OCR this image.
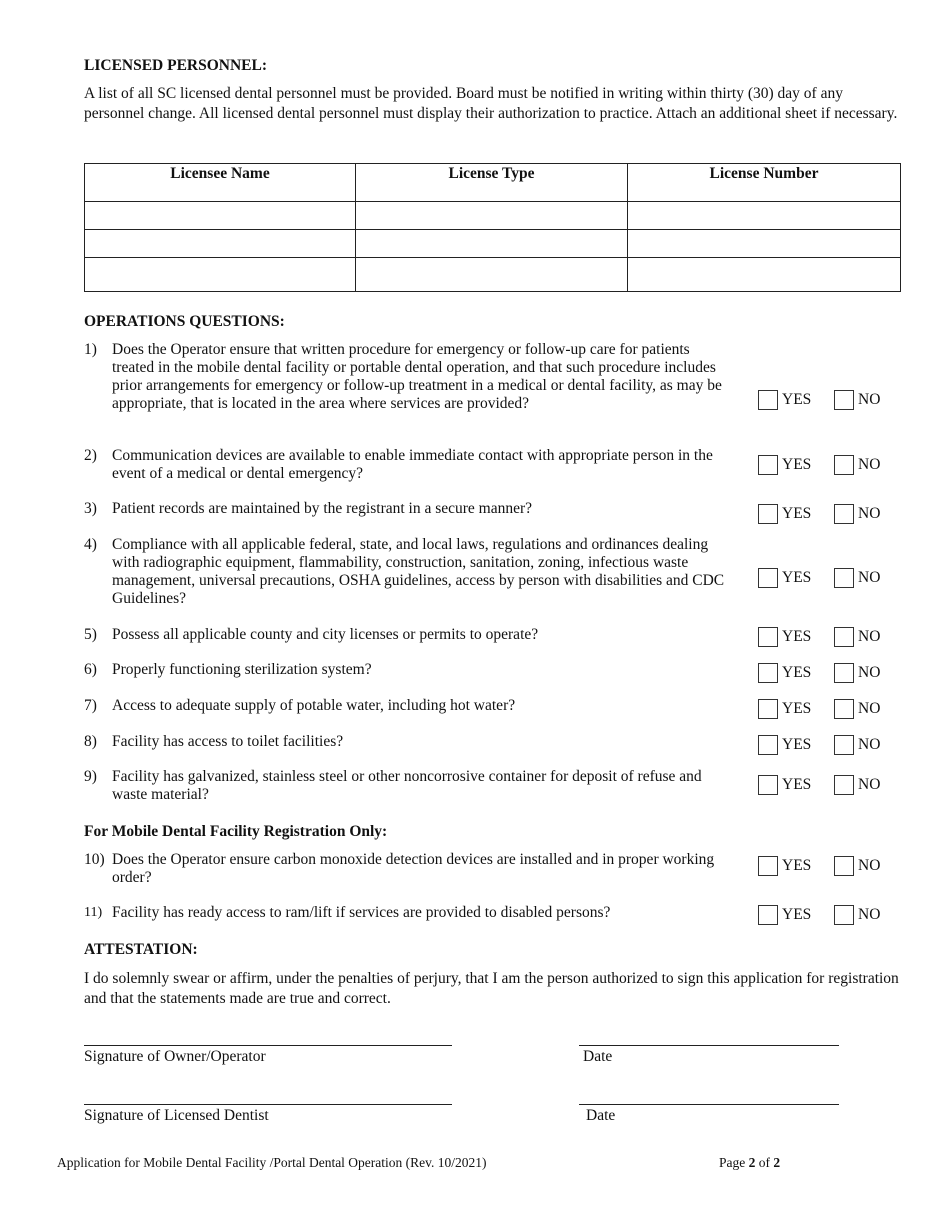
LICENSED PERSONNEL:
A list of all SC licensed dental personnel must be provided. Board must be notified in writing within thirty (30) day of any personnel change. All licensed dental personnel must display their authorization to practice. Attach an additional sheet if necessary.
Licensee Name	License Type	License Number

OPERATIONS QUESTIONS:
1) Does the Operator ensure that written procedure for emergency or follow-up care for patients treated in the mobile dental facility or portable dental operation, and that such procedure includes prior arrangements for emergency or follow-up treatment in a medical or dental facility, as may be appropriate, that is located in the area where services are provided?	YES	NO
2) Communication devices are available to enable immediate contact with appropriate person in the event of a medical or dental emergency?
YES	NO
3) Patient records are maintained by the registrant in a secure manner?	YES	NO
4) Compliance with all applicable federal, state, and local laws, regulations and ordinances dealing with radiographic equipment, flammability, construction, sanitation, zoning, infectious waste management, universal precautions, OSHA guidelines, access by person with disabilities and CDC Guidelines?
YES	NO
5) Possess all applicable county and city licenses or permits to operate?	YES	NO
6) Properly functioning sterilization system?	YES	NO
7) Access to adequate supply of potable water, including hot water?	YES	NO
8) Facility has access to toilet facilities?	YES	NO
9) Facility has galvanized, stainless steel or other noncorrosive container for deposit of refuse and waste material?
YES	NO
For Mobile Dental Facility Registration Only:
10) Does the Operator ensure carbon monoxide detection devices are installed and in proper working order?
YES	NO
11) Facility has ready access to ram/lift if services are provided to disabled persons?	YES	NO
ATTESTATION:
I do solemnly swear or affirm, under the penalties of perjury, that I am the person authorized to sign this application for registration and that the statements made are true and correct.
Signature of Owner/Operator	Date
Signature of Licensed Dentist	Date
Application for Mobile Dental Facility /Portal Dental Operation (Rev. 10/2021)	Page 2 of 2
